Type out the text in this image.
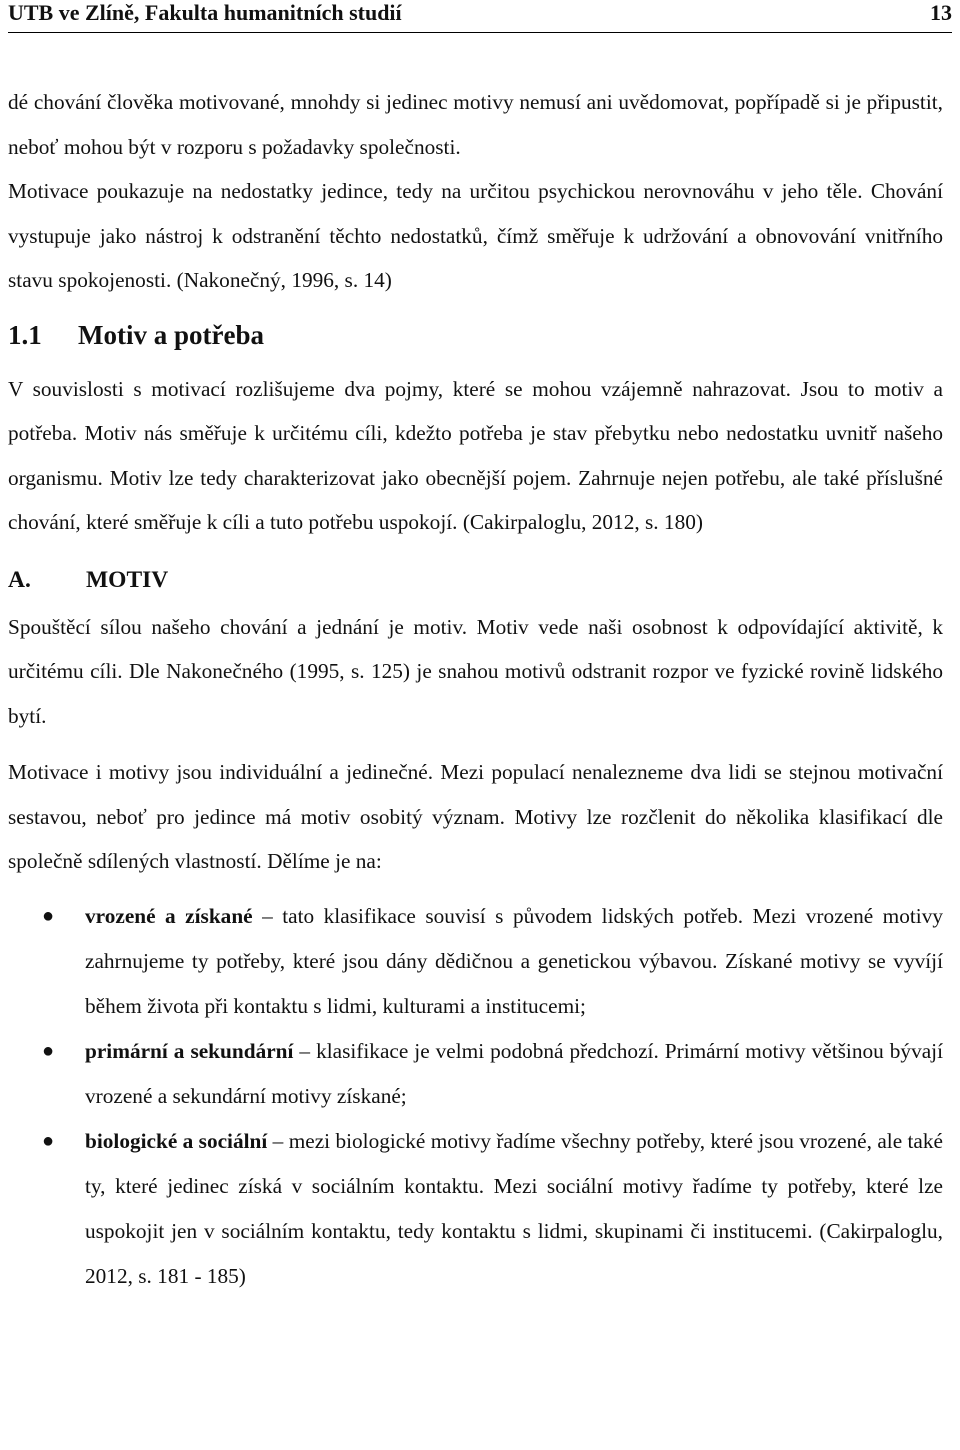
UTB ve Zlíně, Fakulta humanitních studií	13

dé chování člověka motivované, mnohdy si jedinec motivy nemusí ani uvědomovat, popřípadě si je připustit, neboť mohou být v rozporu s požadavky společnosti.

Motivace poukazuje na nedostatky jedince, tedy na určitou psychickou nerovnováhu v jeho těle. Chování vystupuje jako nástroj k odstranění těchto nedostatků, čímž směřuje k udržování a obnovování vnitřního stavu spokojenosti. (Nakonečný, 1996, s. 14)

1.1 Motiv a potřeba

V souvislosti s motivací rozlišujeme dva pojmy, které se mohou vzájemně nahrazovat. Jsou to motiv a potřeba. Motiv nás směřuje k určitému cíli, kdežto potřeba je stav přebytku nebo nedostatku uvnitř našeho organismu. Motiv lze tedy charakterizovat jako obecnější pojem. Zahrnuje nejen potřebu, ale také příslušné chování, které směřuje k cíli a tuto potřebu uspokojí. (Cakirpaloglu, 2012, s. 180)

A. MOTIV

Spouštěcí sílou našeho chování a jednání je motiv. Motiv vede naši osobnost k odpovídající aktivitě, k určitému cíli. Dle Nakonečného (1995, s. 125) je snahou motivů odstranit rozpor ve fyzické rovině lidského bytí.

Motivace i motivy jsou individuální a jedinečné. Mezi populací nenalezneme dva lidi se stejnou motivační sestavou, neboť pro jedince má motiv osobitý význam. Motivy lze rozčlenit do několika klasifikací dle společně sdílených vlastností. Dělíme je na:

● vrozené a získané – tato klasifikace souvisí s původem lidských potřeb. Mezi vrozené motivy zahrnujeme ty potřeby, které jsou dány dědičnou a genetickou výbavou. Získané motivy se vyvíjí během života při kontaktu s lidmi, kulturami a institucemi;
● primární a sekundární – klasifikace je velmi podobná předchozí. Primární motivy většinou bývají vrozené a sekundární motivy získané;
● biologické a sociální – mezi biologické motivy řadíme všechny potřeby, které jsou vrozené, ale také ty, které jedinec získá v sociálním kontaktu. Mezi sociální motivy řadíme ty potřeby, které lze uspokojit jen v sociálním kontaktu, tedy kontaktu s lidmi, skupinami či institucemi. (Cakirpaloglu, 2012, s. 181 - 185)
